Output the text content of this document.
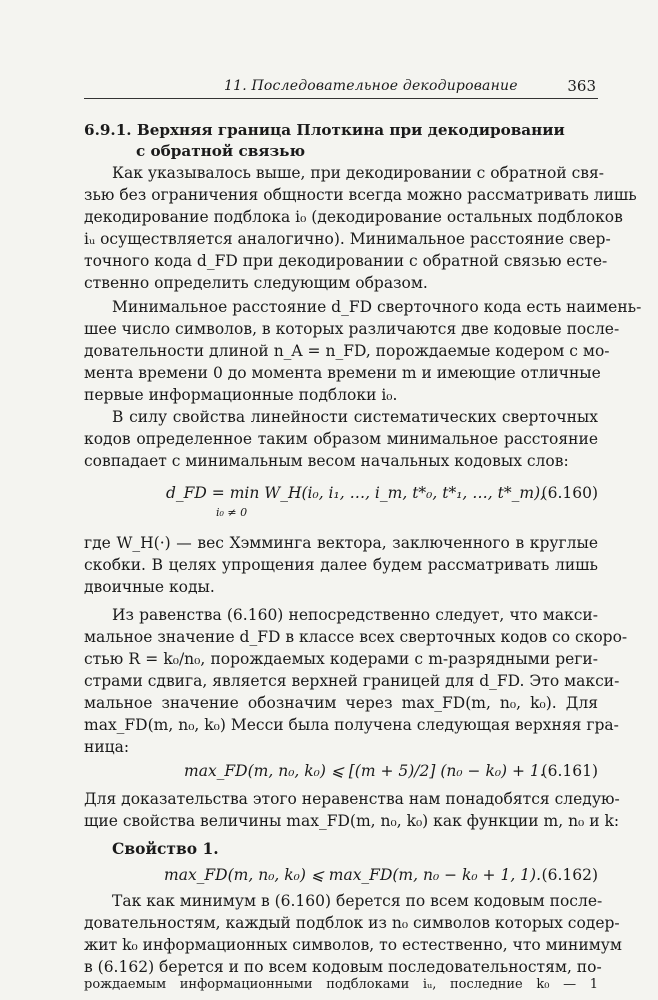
11. Последовательное декодирование	363
6.9.1. Верхняя граница Плоткина при декодировании
с обратной связью
Как указывалось выше, при декодировании с обратной свя-
зью без ограничения общности всегда можно рассматривать лишь
декодирование подблока i₀ (декодирование остальных подблоков
iᵤ осуществляется аналогично). Минимальное расстояние свер-
точного кода d_FD при декодировании с обратной связью есте-
ственно определить следующим образом.
Минимальное расстояние d_FD сверточного кода есть наимень-
шее число символов, в которых различаются две кодовые после-
довательности длиной n_A = n_FD, порождаемые кодером с мо-
мента времени 0 до момента времени m и имеющие отличные
первые информационные подблоки i₀.
В силу свойства линейности систематических сверточных
кодов определенное таким образом минимальное расстояние
совпадает с минимальным весом начальных кодовых слов:
d_FD = min W_H(i₀, i₁, …, i_m, t*₀, t*₁, …, t*_m),
i₀ ≠ 0
(6.160)
где W_H(·) — вес Хэмминга вектора, заключенного в круглые
скобки. В целях упрощения далее будем рассматривать лишь
двоичные коды.
Из равенства (6.160) непосредственно следует, что макси-
мальное значение d_FD в классе всех сверточных кодов со скоро-
стью R = k₀/n₀, порождаемых кодерами с m-разрядными реги-
страми сдвига, является верхней границей для d_FD. Это макси-
мальное значение обозначим через max_FD(m, n₀, k₀). Для
max_FD(m, n₀, k₀) Месси была получена следующая верхняя гра-
ница:
max_FD(m, n₀, k₀) ⩽ [(m + 5)/2] (n₀ − k₀) + 1.
(6.161)
Для доказательства этого неравенства нам понадобятся следую-
щие свойства величины max_FD(m, n₀, k₀) как функции m, n₀ и k:
Свойство 1.
max_FD(m, n₀, k₀) ⩽ max_FD(m, n₀ − k₀ + 1, 1). (6.162)
Так как минимум в (6.160) берется по всем кодовым после-
довательностям, каждый подблок из n₀ символов которых содер-
жит k₀ информационных символов, то естественно, что минимум
в (6.162) берется и по всем кодовым последовательностям, по-
рождаемым информационными подблоками iᵤ, последние k₀ — 1
